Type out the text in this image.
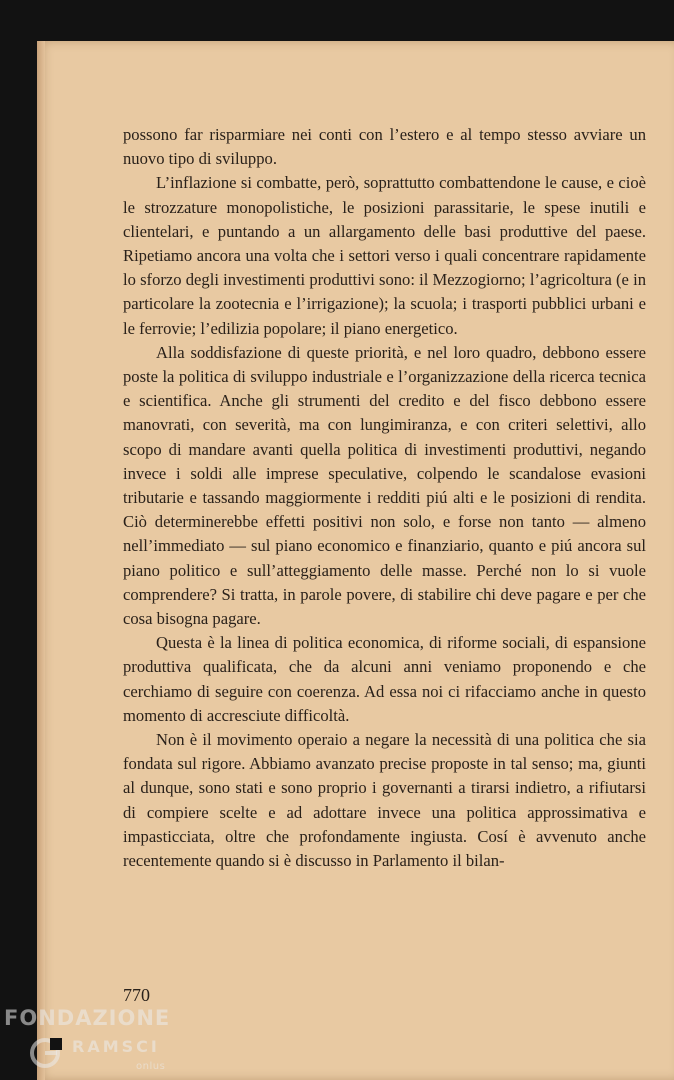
possono far risparmiare nei conti con l’estero e al tempo stesso avviare un nuovo tipo di sviluppo.

L’inflazione si combatte, però, soprattutto combattendone le cause, e cioè le strozzature monopolistiche, le posizioni parassitarie, le spese inutili e clientelari, e puntando a un allargamento delle basi produttive del paese. Ripetiamo ancora una volta che i settori verso i quali concentrare rapidamente lo sforzo degli investimenti produttivi sono: il Mezzogiorno; l’agricoltura (e in particolare la zootecnia e l’irrigazione); la scuola; i trasporti pubblici urbani e le ferrovie; l’edilizia popolare; il piano energetico.

Alla soddisfazione di queste priorità, e nel loro quadro, debbono essere poste la politica di sviluppo industriale e l’organizzazione della ricerca tecnica e scientifica. Anche gli strumenti del credito e del fisco debbono essere manovrati, con severità, ma con lungimiranza, e con criteri selettivi, allo scopo di mandare avanti quella politica di investimenti produttivi, negando invece i soldi alle imprese speculative, colpendo le scandalose evasioni tributarie e tassando maggiormente i redditi piú alti e le posizioni di rendita. Ciò determinerebbe effetti positivi non solo, e forse non tanto — almeno nell’immediato — sul piano economico e finanziario, quanto e piú ancora sul piano politico e sull’atteggiamento delle masse. Perché non lo si vuole comprendere? Si tratta, in parole povere, di stabilire chi deve pagare e per che cosa bisogna pagare.

Questa è la linea di politica economica, di riforme sociali, di espansione produttiva qualificata, che da alcuni anni veniamo proponendo e che cerchiamo di seguire con coerenza. Ad essa noi ci rifacciamo anche in questo momento di accresciute difficoltà.

Non è il movimento operaio a negare la necessità di una politica che sia fondata sul rigore. Abbiamo avanzato precise proposte in tal senso; ma, giunti al dunque, sono stati e sono proprio i governanti a tirarsi indietro, a rifiutarsi di compiere scelte e ad adottare invece una politica approssimativa e impasticciata, oltre che profondamente ingiusta. Cosí è avvenuto anche recentemente quando si è discusso in Parlamento il bilan-

770
FONDAZIONE
RAMSCI
onlus
